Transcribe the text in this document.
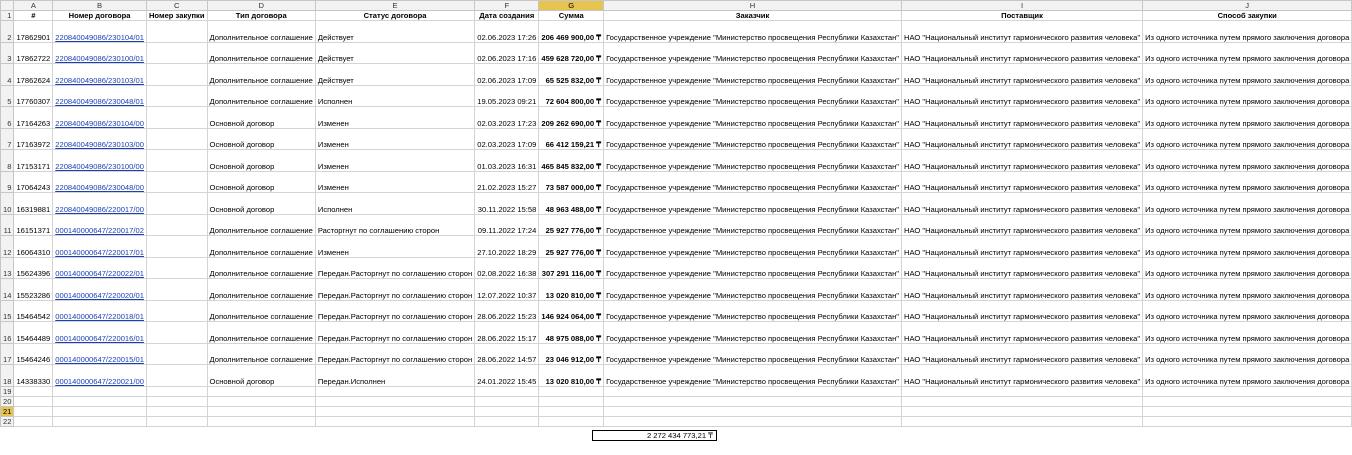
	A	B	C	D	E	F	G	H	I	J
1	#	Номер договора	Номер закупки	Тип договора	Статус договора	Дата создания	Сумма	Заказчик	Поставщик	Способ закупки
2	17862901	220840049086/230104/01		Дополнительное соглашение	Действует	02.06.2023 17:26	206 469 900,00 ₸	Государственное учреждение "Министерство просвещения Республики Казахстан"	НАО "Национальный институт гармонического развития человека"	Из одного источника путем прямого заключения договора
3	17862722	220840049086/230100/01		Дополнительное соглашение	Действует	02.06.2023 17:16	459 628 720,00 ₸	Государственное учреждение "Министерство просвещения Республики Казахстан"	НАО "Национальный институт гармонического развития человека"	Из одного источника путем прямого заключения договора
4	17862624	220840049086/230103/01		Дополнительное соглашение	Действует	02.06.2023 17:09	65 525 832,00 ₸	Государственное учреждение "Министерство просвещения Республики Казахстан"	НАО "Национальный институт гармонического развития человека"	Из одного источника путем прямого заключения договора
5	17760307	220840049086/230048/01		Дополнительное соглашение	Исполнен	19.05.2023 09:21	72 604 800,00 ₸	Государственное учреждение "Министерство просвещения Республики Казахстан"	НАО "Национальный институт гармонического развития человека"	Из одного источника путем прямого заключения договора
6	17164263	220840049086/230104/00		Основной договор	Изменен	02.03.2023 17:23	209 262 690,00 ₸	Государственное учреждение "Министерство просвещения Республики Казахстан"	НАО "Национальный институт гармонического развития человека"	Из одного источника путем прямого заключения договора
7	17163972	220840049086/230103/00		Основной договор	Изменен	02.03.2023 17:09	66 412 159,21 ₸	Государственное учреждение "Министерство просвещения Республики Казахстан"	НАО "Национальный институт гармонического развития человека"	Из одного источника путем прямого заключения договора
8	17153171	220840049086/230100/00		Основной договор	Изменен	01.03.2023 16:31	465 845 832,00 ₸	Государственное учреждение "Министерство просвещения Республики Казахстан"	НАО "Национальный институт гармонического развития человека"	Из одного источника путем прямого заключения договора
9	17064243	220840049086/230048/00		Основной договор	Изменен	21.02.2023 15:27	73 587 000,00 ₸	Государственное учреждение "Министерство просвещения Республики Казахстан"	НАО "Национальный институт гармонического развития человека"	Из одного источника путем прямого заключения договора
10	16319881	220840049086/220017/00		Основной договор	Исполнен	30.11.2022 15:58	48 963 488,00 ₸	Государственное учреждение "Министерство просвещения Республики Казахстан"	НАО "Национальный институт гармонического развития человека"	Из одного источника путем прямого заключения договора
11	16151371	000140000647/220017/02		Дополнительное соглашение	Расторгнут по соглашению сторон	09.11.2022 17:24	25 927 776,00 ₸	Государственное учреждение "Министерство просвещения Республики Казахстан"	НАО "Национальный институт гармонического развития человека"	Из одного источника путем прямого заключения договора
12	16064310	000140000647/220017/01		Дополнительное соглашение	Изменен	27.10.2022 18:29	25 927 776,00 ₸	Государственное учреждение "Министерство просвещения Республики Казахстан"	НАО "Национальный институт гармонического развития человека"	Из одного источника путем прямого заключения договора
13	15624396	000140000647/220022/01		Дополнительное соглашение	Передан.Расторгнут по соглашению сторон	02.08.2022 16:38	307 291 116,00 ₸	Государственное учреждение "Министерство просвещения Республики Казахстан"	НАО "Национальный институт гармонического развития человека"	Из одного источника путем прямого заключения договора
14	15523286	000140000647/220020/01		Дополнительное соглашение	Передан.Расторгнут по соглашению сторон	12.07.2022 10:37	13 020 810,00 ₸	Государственное учреждение "Министерство просвещения Республики Казахстан"	НАО "Национальный институт гармонического развития человека"	Из одного источника путем прямого заключения договора
15	15464542	000140000647/220018/01		Дополнительное соглашение	Передан.Расторгнут по соглашению сторон	28.06.2022 15:23	146 924 064,00 ₸	Государственное учреждение "Министерство просвещения Республики Казахстан"	НАО "Национальный институт гармонического развития человека"	Из одного источника путем прямого заключения договора
16	15464489	000140000647/220016/01		Дополнительное соглашение	Передан.Расторгнут по соглашению сторон	28.06.2022 15:17	48 975 088,00 ₸	Государственное учреждение "Министерство просвещения Республики Казахстан"	НАО "Национальный институт гармонического развития человека"	Из одного источника путем прямого заключения договора
17	15464246	000140000647/220015/01		Дополнительное соглашение	Передан.Расторгнут по соглашению сторон	28.06.2022 14:57	23 046 912,00 ₸	Государственное учреждение "Министерство просвещения Республики Казахстан"	НАО "Национальный институт гармонического развития человека"	Из одного источника путем прямого заключения договора
18	14338330	000140000647/220021/00		Основной договор	Передан.Исполнен	24.01.2022 15:45	13 020 810,00 ₸	Государственное учреждение "Министерство просвещения Республики Казахстан"	НАО "Национальный институт гармонического развития человека"	Из одного источника путем прямого заключения договора
19										
20										
21										
22										
2 272 434 773,21 ₸
